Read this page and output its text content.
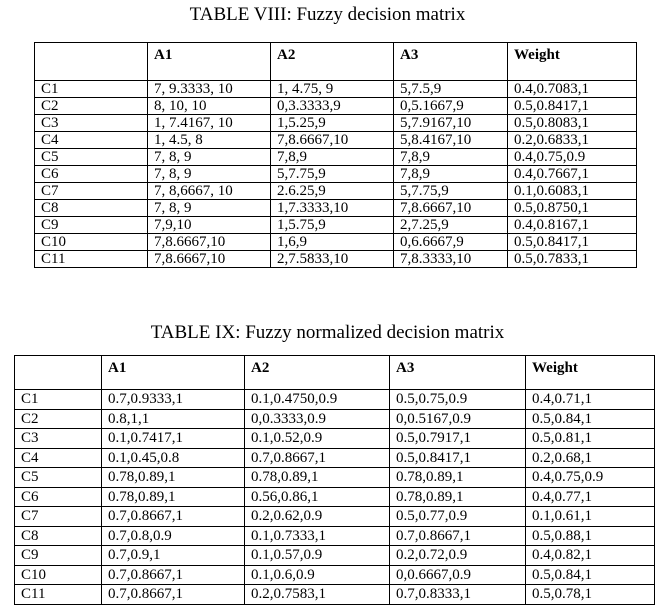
TABLE VIII: Fuzzy decision matrix
	A1	A2	A3	Weight
C1	7, 9.3333, 10	1, 4.75, 9	5,7.5,9	0.4,0.7083,1
C2	8, 10, 10	0,3.3333,9	0,5.1667,9	0.5,0.8417,1
C3	1, 7.4167, 10	1,5.25,9	5,7.9167,10	0.5,0.8083,1
C4	1, 4.5, 8	7,8.6667,10	5,8.4167,10	0.2,0.6833,1
C5	7, 8, 9	7,8,9	7,8,9	0.4,0.75,0.9
C6	7, 8, 9	5,7.75,9	7,8,9	0.4,0.7667,1
C7	7, 8,6667, 10	2.6.25,9	5,7.75,9	0.1,0.6083,1
C8	7, 8, 9	1,7.3333,10	7,8.6667,10	0.5,0.8750,1
C9	7,9,10	1,5.75,9	2,7.25,9	0.4,0.8167,1
C10	7,8.6667,10	1,6,9	0,6.6667,9	0.5,0.8417,1
C11	7,8.6667,10	2,7.5833,10	7,8.3333,10	0.5,0.7833,1
TABLE IX: Fuzzy normalized decision matrix
	A1	A2	A3	Weight
C1	0.7,0.9333,1	0.1,0.4750,0.9	0.5,0.75,0.9	0.4,0.71,1
C2	0.8,1,1	0,0.3333,0.9	0,0.5167,0.9	0.5,0.84,1
C3	0.1,0.7417,1	0.1,0.52,0.9	0.5,0.7917,1	0.5,0.81,1
C4	0.1,0.45,0.8	0.7,0.8667,1	0.5,0.8417,1	0.2,0.68,1
C5	0.78,0.89,1	0.78,0.89,1	0.78,0.89,1	0.4,0.75,0.9
C6	0.78,0.89,1	0.56,0.86,1	0.78,0.89,1	0.4,0.77,1
C7	0.7,0.8667,1	0.2,0.62,0.9	0.5,0.77,0.9	0.1,0.61,1
C8	0.7,0.8,0.9	0.1,0.7333,1	0.7,0.8667,1	0.5,0.88,1
C9	0.7,0.9,1	0.1,0.57,0.9	0.2,0.72,0.9	0.4,0.82,1
C10	0.7,0.8667,1	0.1,0.6,0.9	0,0.6667,0.9	0.5,0.84,1
C11	0.7,0.8667,1	0.2,0.7583,1	0.7,0.8333,1	0.5,0.78,1
